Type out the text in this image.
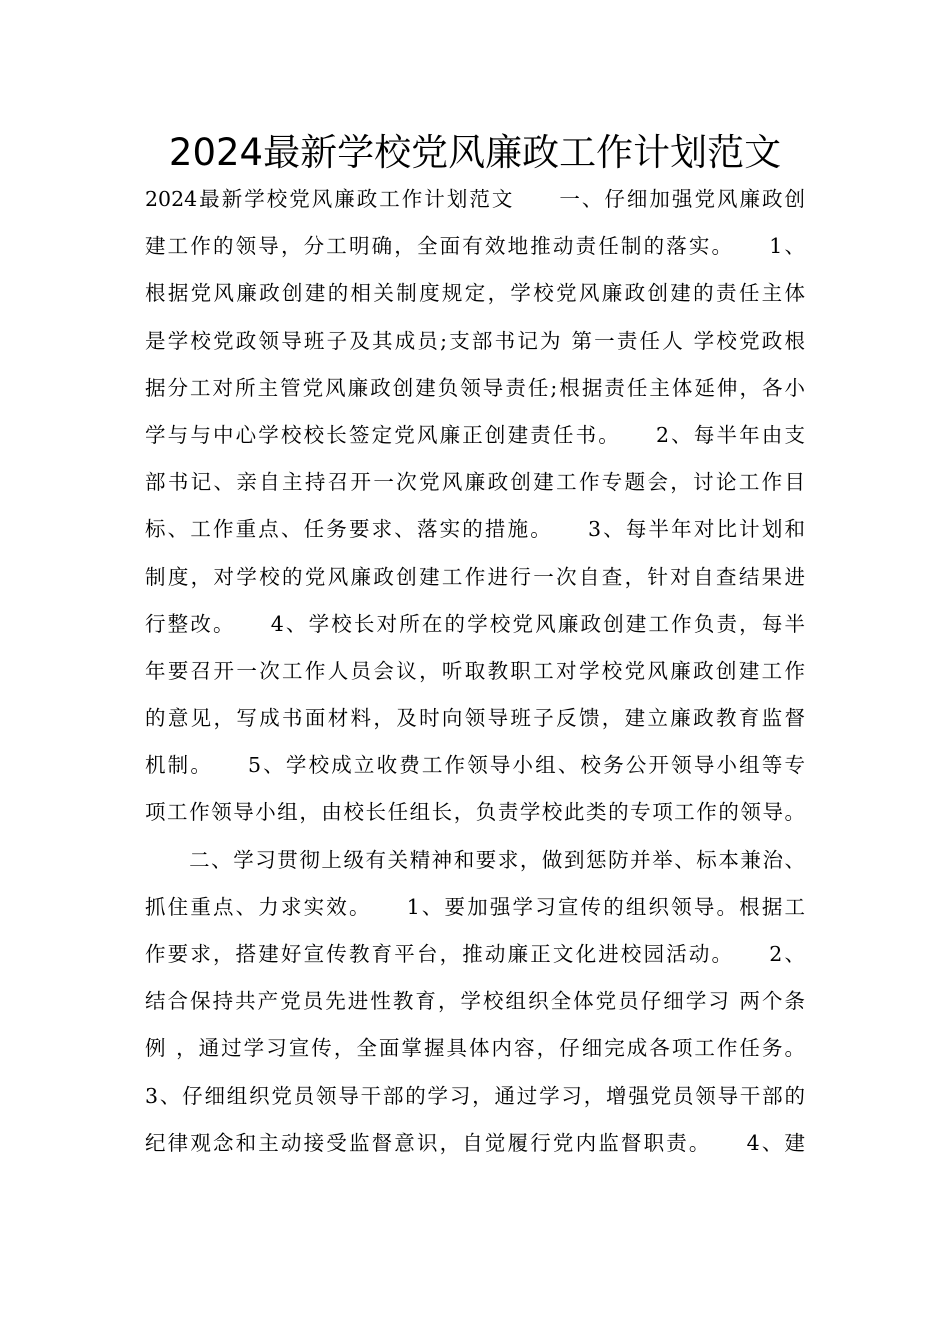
2024最新学校党风廉政工作计划范文
2024最新学校党风廉政工作计划范文　　一、仔细加强党风廉政创
建工作的领导，分工明确，全面有效地推动责任制的落实。　　1、
根据党风廉政创建的相关制度规定，学校党风廉政创建的责任主体
是学校党政领导班子及其成员;支部书记为 第一责任人 学校党政根
据分工对所主管党风廉政创建负领导责任;根据责任主体延伸，各小
学与与中心学校校长签定党风廉正创建责任书。　　2、每半年由支
部书记、亲自主持召开一次党风廉政创建工作专题会，讨论工作目
标、工作重点、任务要求、落实的措施。　　3、每半年对比计划和
制度，对学校的党风廉政创建工作进行一次自查，针对自查结果进
行整改。　　4、学校长对所在的学校党风廉政创建工作负责，每半
年要召开一次工作人员会议，听取教职工对学校党风廉政创建工作
的意见，写成书面材料，及时向领导班子反馈，建立廉政教育监督
机制。　　5、学校成立收费工作领导小组、校务公开领导小组等专
项工作领导小组，由校长任组长，负责学校此类的专项工作的领导。
　　二、学习贯彻上级有关精神和要求，做到惩防并举、标本兼治、
抓住重点、力求实效。　　1、要加强学习宣传的组织领导。根据工
作要求，搭建好宣传教育平台，推动廉正文化进校园活动。　　2、
结合保持共产党员先进性教育，学校组织全体党员仔细学习 两个条
例 ，通过学习宣传，全面掌握具体内容，仔细完成各项工作任务。
3、仔细组织党员领导干部的学习，通过学习，增强党员领导干部的
纪律观念和主动接受监督意识，自觉履行党内监督职责。　　4、建
